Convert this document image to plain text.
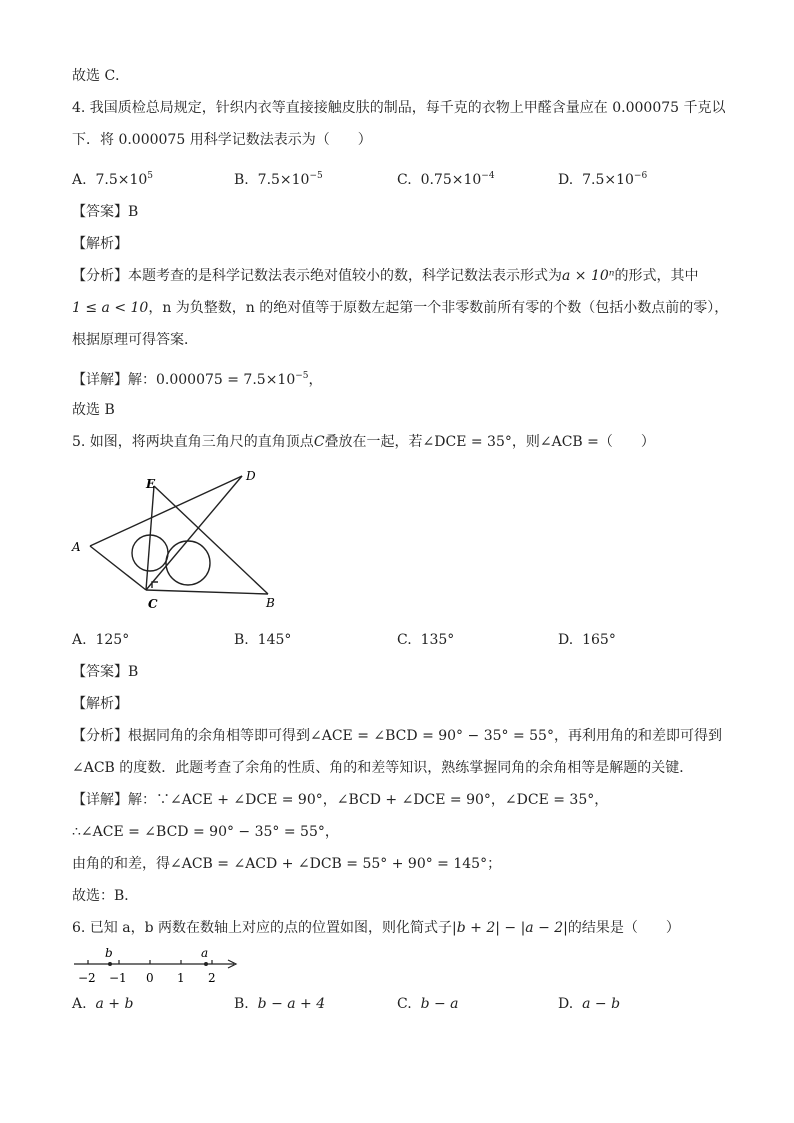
故选 C．
4. 我国质检总局规定，针织内衣等直接接触皮肤的制品，每千克的衣物上甲醛含量应在 0.000075 千克以
下．将 0.000075 用科学记数法表示为（　　）
A. $7.5\times 10^5$	B. $7.5\times 10^{-5}$	C. $0.75\times 10^{-4}$	D. $7.5\times 10^{-6}$
【答案】B
【解析】
【分析】本题考查的是科学记数法表示绝对值较小的数，科学记数法表示形式为a × 10ⁿ的形式，其中
1 ≤ a < 10，n 为负整数，n 的绝对值等于原数左起第一个非零数前所有零的个数（包括小数点前的零），
根据原理可得答案．
【详解】解：$0.000075 = 7.5\times 10^{-5}$，
故选 B
5. 如图，将两块直角三角尺的直角顶点C叠放在一起，若∠DCE = 35°，则∠ACB =（　　）
A
B
C
D
E
A. 125°	B. 145°	C. 135°	D. 165°
【答案】B
【解析】
【分析】根据同角的余角相等即可得到∠ACE = ∠BCD = 90° − 35° = 55°，再利用角的和差即可得到
∠ACB 的度数．此题考查了余角的性质、角的和差等知识，熟练掌握同角的余角相等是解题的关键．
【详解】解：∵∠ACE + ∠DCE = 90°，∠BCD + ∠DCE = 90°，∠DCE = 35°，
∴∠ACE = ∠BCD = 90° − 35° = 55°，
由角的和差，得∠ACB = ∠ACD + ∠DCB = 55° + 90° = 145°；
故选：B．
6. 已知 a，b 两数在数轴上对应的点的位置如图，则化简式子|b + 2| − |a − 2|的结果是（　　）
b	a
−2 −1 0 1 2
A. a + b	B. b − a + 4	C. b − a	D. a − b
